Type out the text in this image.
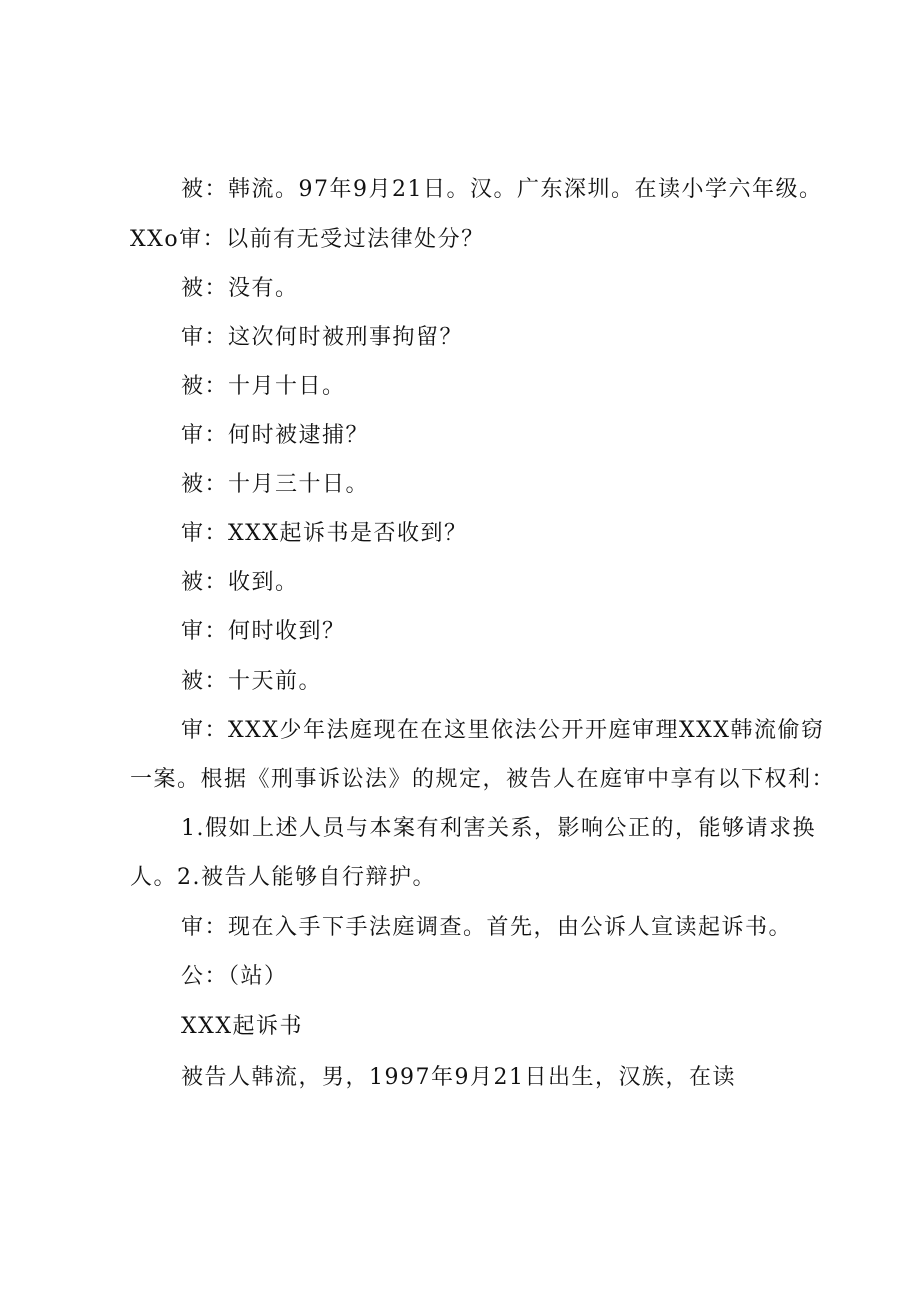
被：韩流。97年9月21日。汉。广东深圳。在读小学六年级。
XXo审：以前有无受过法律处分？
被：没有。
审：这次何时被刑事拘留？
被：十月十日。
审：何时被逮捕？
被：十月三十日。
审：XXX起诉书是否收到？
被：收到。
审：何时收到？
被：十天前。
审：XXX少年法庭现在在这里依法公开开庭审理XXX韩流偷窃
一案。根据《刑事诉讼法》的规定，被告人在庭审中享有以下权利：
1.假如上述人员与本案有利害关系，影响公正的，能够请求换
人。2.被告人能够自行辩护。
审：现在入手下手法庭调查。首先，由公诉人宣读起诉书。
公：（站）
XXX起诉书
被告人韩流，男，1997年9月21日出生，汉族，在读
